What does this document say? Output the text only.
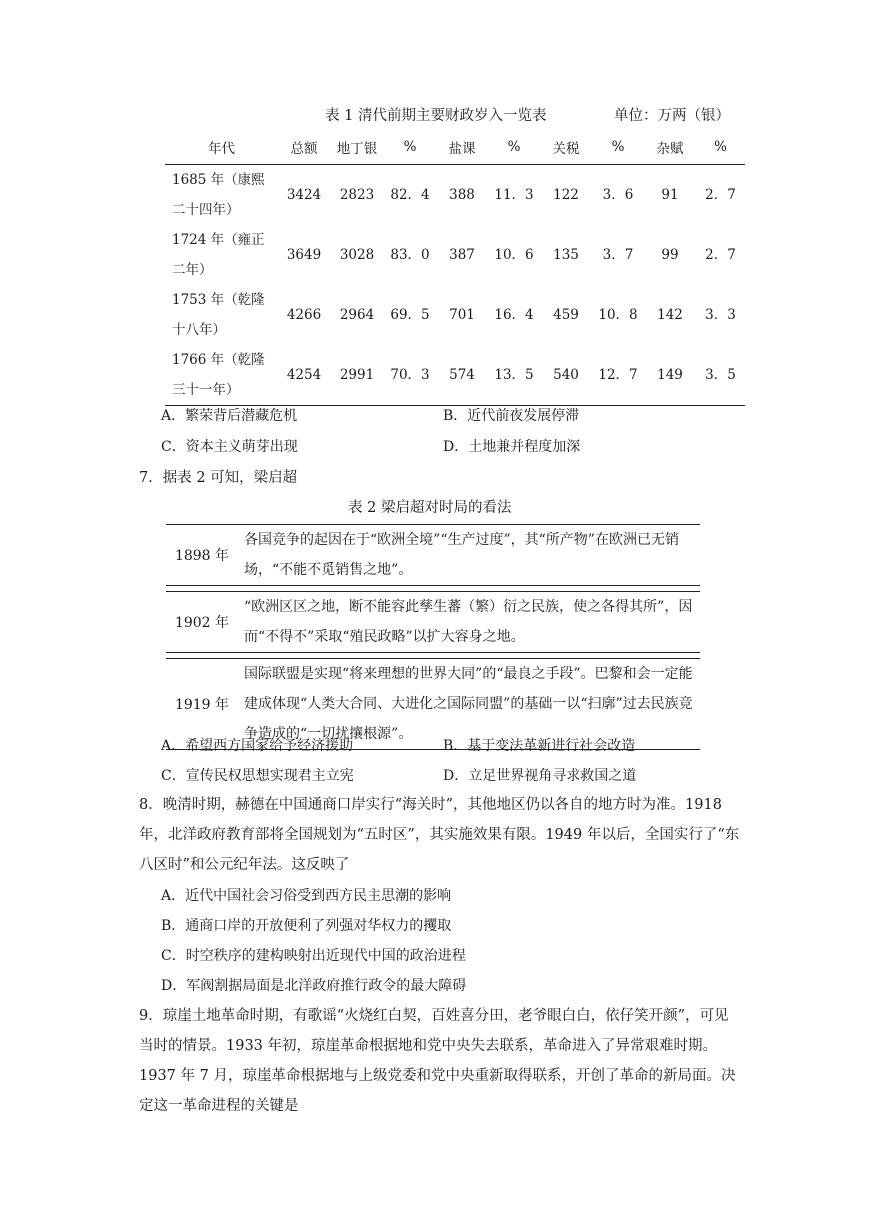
表 1 清代前期主要财政岁入一览表	单位：万两（银）
年代	总额	地丁银	%	盐课	%	关税	%	杂赋	%
1685 年（康熙二十四年）	3424	2823	82．4	388	11．3	122	3．6	91	2．7
1724 年（雍正二年）	3649	3028	83．0	387	10．6	135	3．7	99	2．7
1753 年（乾隆十八年）	4266	2964	69．5	701	16．4	459	10．8	142	3．3
1766 年（乾隆三十一年）	4254	2991	70．3	574	13．5	540	12．7	149	3．5
A．繁荣背后潜藏危机	B．近代前夜发展停滞
C．资本主义萌芽出现	D．土地兼并程度加深
7．据表 2 可知，梁启超
表 2 梁启超对时局的看法
1898 年	各国竞争的起因在于“欧洲全境”“生产过度”，其“所产物”在欧洲已无销场，“不能不觅销售之地”。

1902 年	“欧洲区区之地，断不能容此孳生蕃（繁）衍之民族，使之各得其所”，因而“不得不”采取“殖民政略”以扩大容身之地。

1919 年	国际联盟是实现“将来理想的世界大同”的“最良之手段”。巴黎和会一定能建成体现“人类大合同、大进化之国际同盟”的基础一以“扫廓”过去民族竞争造成的“一切扰攘根源”。
A．希望西方国家给予经济援助	B．基于变法革新进行社会改造
C．宣传民权思想实现君主立宪	D．立足世界视角寻求救国之道
8．晚清时期，赫德在中国通商口岸实行“海关时”，其他地区仍以各自的地方时为准。1918年，北洋政府教育部将全国规划为“五时区”，其实施效果有限。1949 年以后，全国实行了“东八区时”和公元纪年法。这反映了
A．近代中国社会习俗受到西方民主思潮的影响
B．通商口岸的开放便利了列强对华权力的攫取
C．时空秩序的建构映射出近现代中国的政治进程
D．军阀割据局面是北洋政府推行政令的最大障碍
9．琼崖土地革命时期，有歌谣“火烧红白契，百姓喜分田，老爷眼白白，依仔笑开颜”，可见当时的情景。1933 年初，琼崖革命根据地和党中央失去联系，革命进入了异常艰难时期。1937 年 7 月，琼崖革命根据地与上级党委和党中央重新取得联系，开创了革命的新局面。决定这一革命进程的关键是
